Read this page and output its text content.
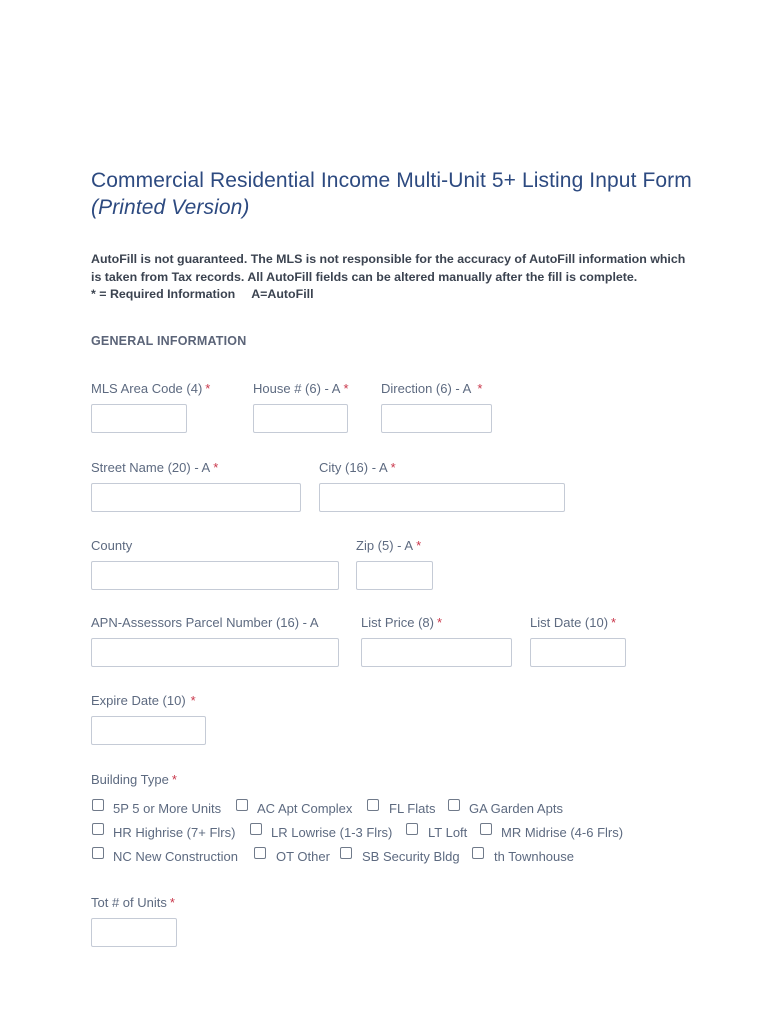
Commercial Residential Income Multi-Unit 5+ Listing Input Form (Printed Version)
AutoFill is not guaranteed. The MLS is not responsible for the accuracy of AutoFill information which is taken from Tax records. All AutoFill fields can be altered manually after the fill is complete.
* = Required Information A=AutoFill
GENERAL INFORMATION
MLS Area Code (4) *	House # (6) - A *	Direction (6) - A *
Street Name (20) - A *	City (16) - A *
County	Zip (5) - A *
APN-Assessors Parcel Number (16) - A	List Price (8) *	List Date (10) *
Expire Date (10) *
Building Type *
5P 5 or More Units	AC Apt Complex	FL Flats	GA Garden Apts
HR Highrise (7+ Flrs)	LR Lowrise (1-3 Flrs)	LT Loft	MR Midrise (4-6 Flrs)
NC New Construction	OT Other SB Security Bldg	th Townhouse
Tot # of Units *
